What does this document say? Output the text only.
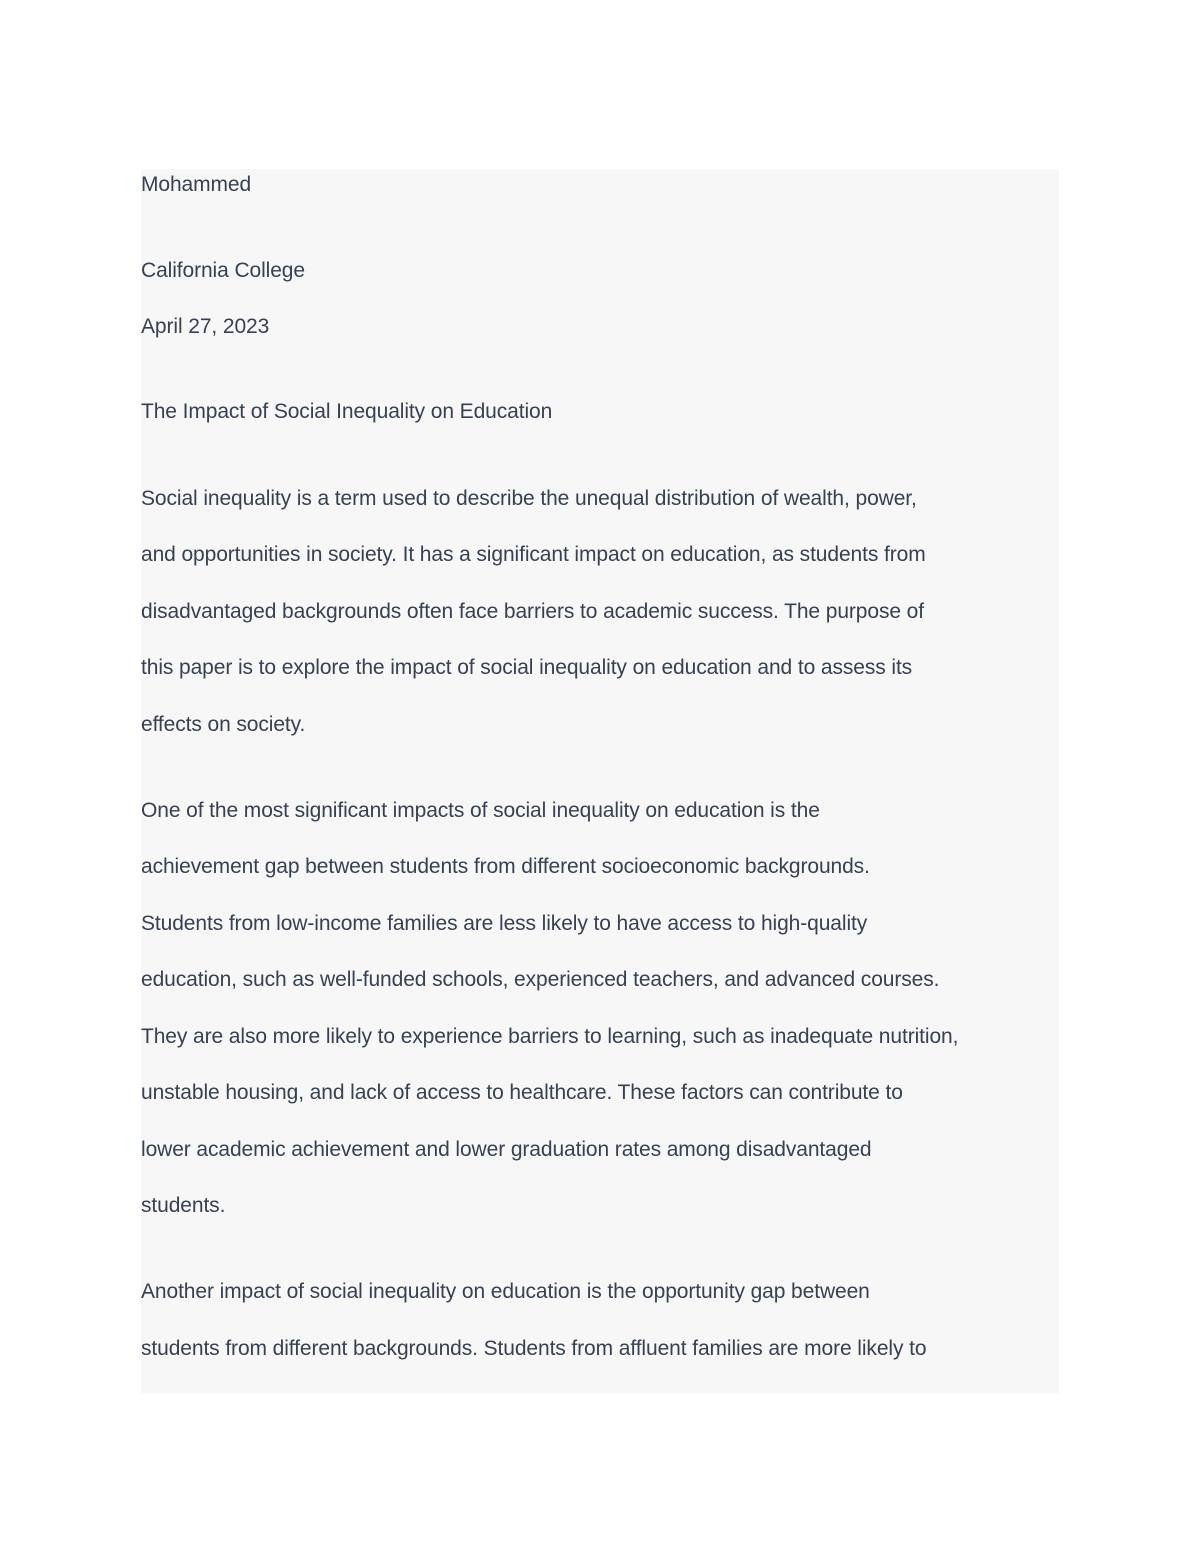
Mohammed
California College
April 27, 2023
The Impact of Social Inequality on Education
Social inequality is a term used to describe the unequal distribution of wealth, power,
and opportunities in society. It has a significant impact on education, as students from
disadvantaged backgrounds often face barriers to academic success. The purpose of
this paper is to explore the impact of social inequality on education and to assess its
effects on society.
One of the most significant impacts of social inequality on education is the
achievement gap between students from different socioeconomic backgrounds.
Students from low-income families are less likely to have access to high-quality
education, such as well-funded schools, experienced teachers, and advanced courses.
They are also more likely to experience barriers to learning, such as inadequate nutrition,
unstable housing, and lack of access to healthcare. These factors can contribute to
lower academic achievement and lower graduation rates among disadvantaged
students.
Another impact of social inequality on education is the opportunity gap between
students from different backgrounds. Students from affluent families are more likely to
